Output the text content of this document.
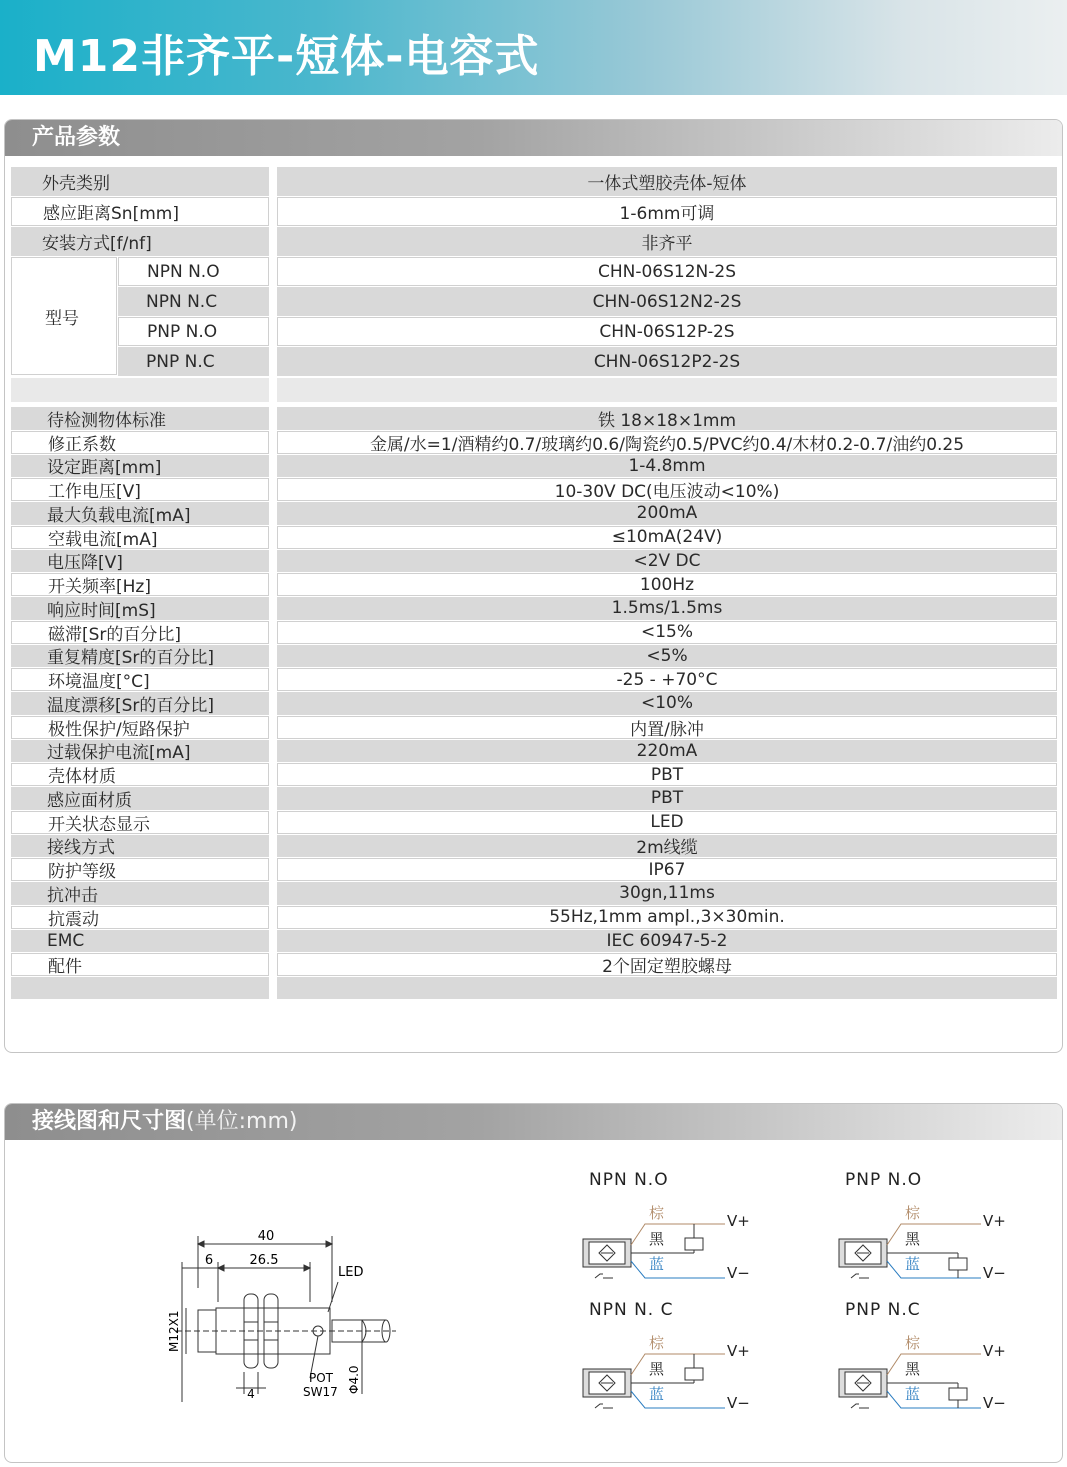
M12非齐平-短体-电容式
产品参数
外壳类别	一体式塑胶壳体-短体
感应距离Sn[mm]	1-6mm可调
安装方式[f/nf]	非齐平
型号
NPN N.O	CHN-06S12N-2S
NPN N.C	CHN-06S12N2-2S
PNP N.O	CHN-06S12P-2S
PNP N.C	CHN-06S12P2-2S
待检测物体标准	铁 18×18×1mm
修正系数	金属/水=1/酒精约0.7/玻璃约0.6/陶瓷约0.5/PVC约0.4/木材0.2-0.7/油约0.25
设定距离[mm]	1-4.8mm
工作电压[V]	10-30V DC(电压波动<10%)
最大负载电流[mA]	200mA
空载电流[mA]	≤10mA(24V)
电压降[V]	<2V DC
开关频率[Hz]	100Hz
响应时间[mS]	1.5ms/1.5ms
磁滞[Sr的百分比]	<15%
重复精度[Sr的百分比]	<5%
环境温度[°C]	-25 - +70°C
温度漂移[Sr的百分比]	<10%
极性保护/短路保护	内置/脉冲
过载保护电流[mA]	220mA
壳体材质	PBT
感应面材质	PBT
开关状态显示	LED
接线方式	2m线缆
防护等级	IP67
抗冲击	30gn,11ms
抗震动	55Hz,1mm ampl.,3×30min.
EMC	IEC 60947-5-2
配件	2个固定塑胶螺母
接线图和尺寸图(单位:mm)
40
6	26.5
LED
M12X1
4
POT
SW17 Φ4.0
NPN N.O
棕
黑
蓝
V+
V−
PNP N.O
棕
黑
蓝
V+
V−
NPN N. C
棕
黑
蓝
V+
V−
PNP N.C
棕
黑
蓝
V+
V−
